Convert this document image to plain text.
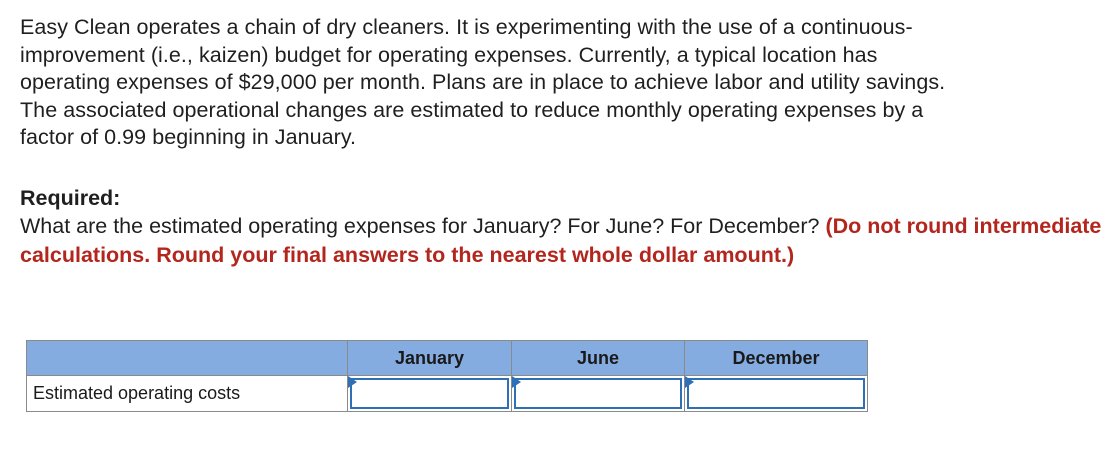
Easy Clean operates a chain of dry cleaners. It is experimenting with the use of a continuous-
improvement (i.e., kaizen) budget for operating expenses. Currently, a typical location has
operating expenses of $29,000 per month. Plans are in place to achieve labor and utility savings.
The associated operational changes are estimated to reduce monthly operating expenses by a
factor of 0.99 beginning in January.

Required:

What are the estimated operating expenses for January? For June? For December? (Do not round intermediate calculations. Round your final answers to the nearest whole dollar amount.)

	January	June	December
Estimated operating costs	
